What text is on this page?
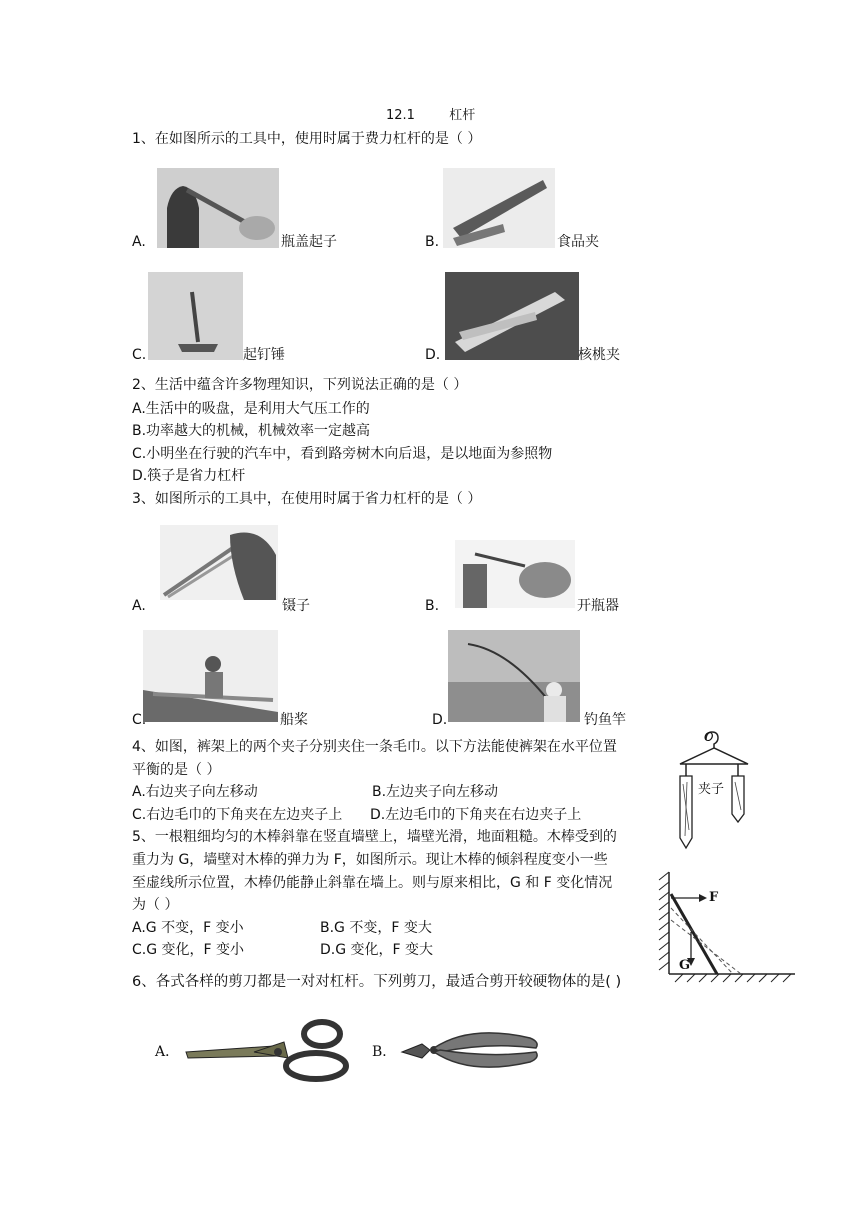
12.1	杠杆
1、在如图所示的工具中，使用时属于费力杠杆的是（ ）
A.	瓶盖起子	B.	食品夹
C.	起钉锤	D.	核桃夹
2、生活中蕴含许多物理知识，下列说法正确的是（ ）
A.生活中的吸盘，是利用大气压工作的
B.功率越大的机械，机械效率一定越高
C.小明坐在行驶的汽车中，看到路旁树木向后退，是以地面为参照物
D.筷子是省力杠杆
3、如图所示的工具中，在使用时属于省力杠杆的是（ ）
A.	镊子	B.	开瓶器
C.	船桨	D.	钓鱼竿
4、如图，裤架上的两个夹子分别夹住一条毛巾。以下方法能使裤架在水平位置
平衡的是（ ）
A.右边夹子向左移动	B.左边夹子向左移动
C.右边毛巾的下角夹在左边夹子上 D.左边毛巾的下角夹在右边夹子上
O
夹子
5、一根粗细均匀的木棒斜靠在竖直墙壁上，墙壁光滑，地面粗糙。木棒受到的
重力为 G，墙壁对木棒的弹力为 F，如图所示。现让木棒的倾斜程度变小一些
至虚线所示位置，木棒仍能静止斜靠在墙上。则与原来相比，G 和 F 变化情况
为（ ）
A.G 不变，F 变小	B.G 不变，F 变大
C.G 变化，F 变小	D.G 变化，F 变大
F
G
6、各式各样的剪刀都是一对对杠杆。下列剪刀，最适合剪开较硬物体的是( )
A．	B．
